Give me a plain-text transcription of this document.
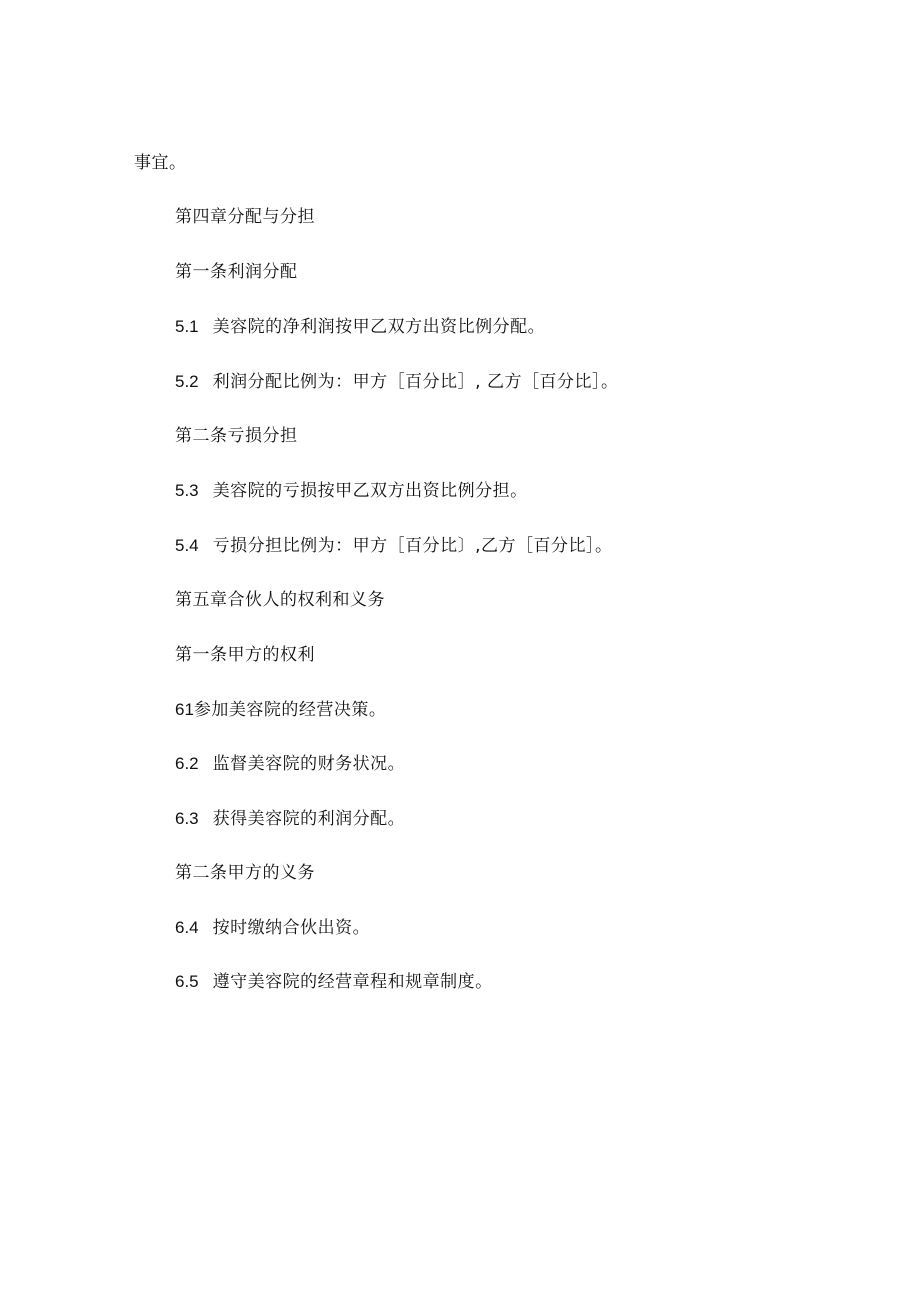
事宜。
第四章分配与分担
第一条利润分配
5.1 美容院的净利润按甲乙双方出资比例分配。
5.2 利润分配比例为：甲方［百分比］, 乙方［百分比］。
第二条亏损分担
5.3 美容院的亏损按甲乙双方出资比例分担。
5.4 亏损分担比例为：甲方［百分比〕,乙方［百分比］。
第五章合伙人的权利和义务
第一条甲方的权利
61参加美容院的经营决策。
6.2 监督美容院的财务状况。
6.3 获得美容院的利润分配。
第二条甲方的义务
6.4 按时缴纳合伙出资。
6.5 遵守美容院的经营章程和规章制度。
